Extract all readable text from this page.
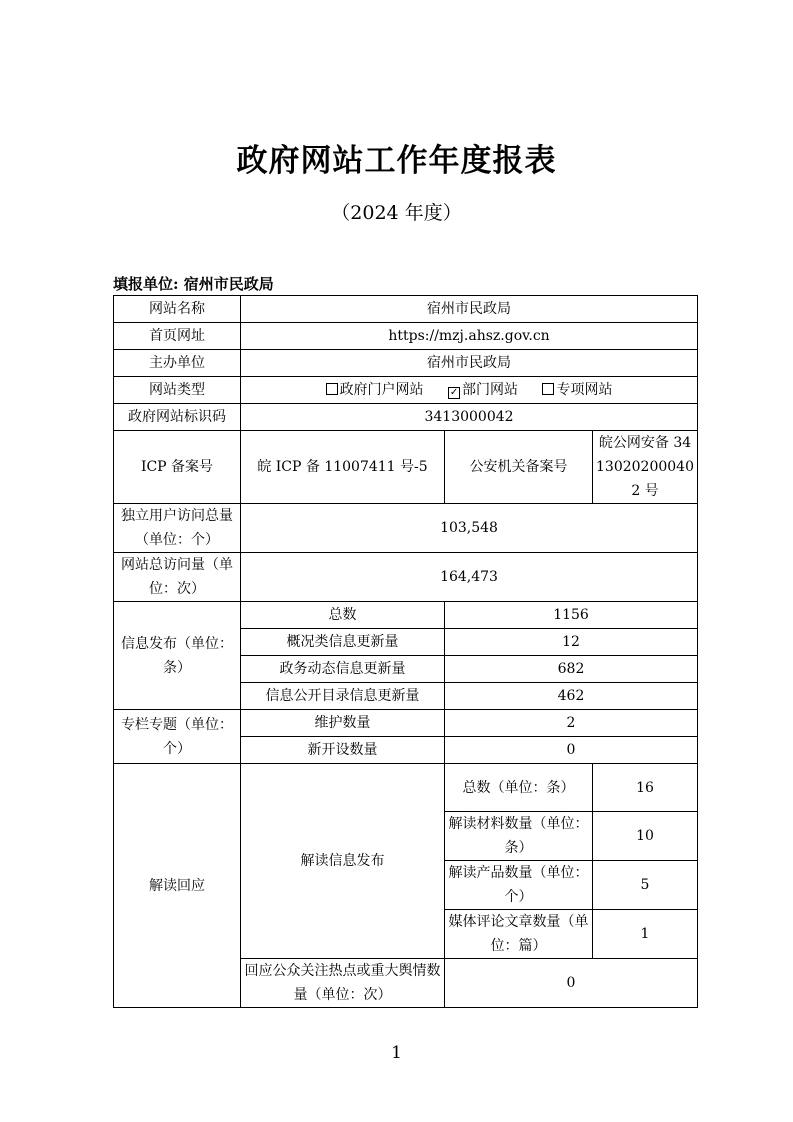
政府网站工作年度报表
（2024 年度）
填报单位: 宿州市民政局
网站名称	宿州市民政局		
首页网址	https://mzj.ahsz.gov.cn		
主办单位	宿州市民政局		
网站类型	政府门户网站 ✓ 部门网站 专项网站		
政府网站标识码	3413000042		
ICP 备案号	皖 ICP 备 11007411 号-5	公安机关备案号	皖公网安备 34130202000402 号
独立用户访问总量（单位：个）	103,548		
网站总访问量（单位：次）	164,473		
信息发布（单位：条）	总数	1156	
	概况类信息更新量	12	
	政务动态信息更新量	682	
	信息公开目录信息更新量	462	
专栏专题（单位：个）	维护数量	2	
	新开设数量	0	
解读回应	解读信息发布	总数（单位：条）	16
		解读材料数量（单位：条）	10
		解读产品数量（单位：个）	5
		媒体评论文章数量（单位：篇）	1
	回应公众关注热点或重大舆情数量（单位：次）	0	
1
